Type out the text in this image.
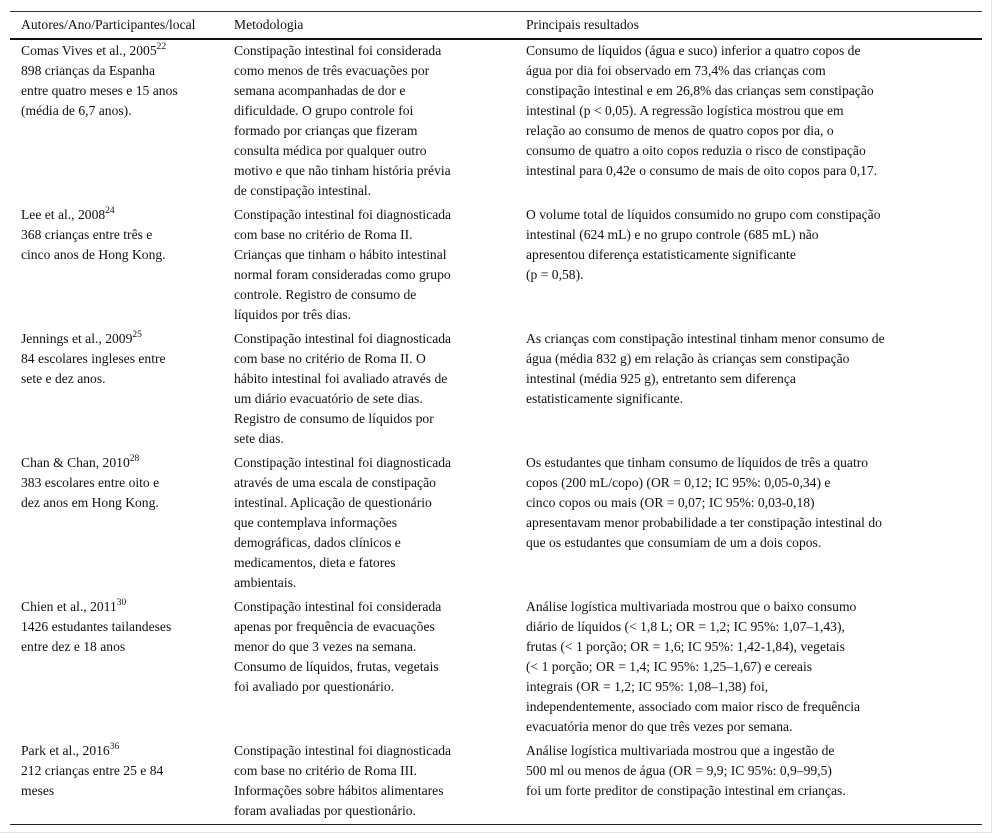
Autores/Ano/Participantes/local	Metodologia	Principais resultados
Comas Vives et al., 2005$^{22}$
898 crianças da Espanha
entre quatro meses e 15 anos
(média de 6,7 anos).
Constipação intestinal foi considerada
como menos de três evacuações por
semana acompanhadas de dor e
dificuldade. O grupo controle foi
formado por crianças que fizeram
consulta médica por qualquer outro
motivo e que não tinham história prévia
de constipação intestinal.
Consumo de líquidos (água e suco) inferior a quatro copos de
água por dia foi observado em 73,4% das crianças com
constipação intestinal e em 26,8% das crianças sem constipação
intestinal (p < 0,05). A regressão logística mostrou que em
relação ao consumo de menos de quatro copos por dia, o
consumo de quatro a oito copos reduzia o risco de constipação
intestinal para 0,42e o consumo de mais de oito copos para 0,17.
Lee et al., 2008$^{24}$
368 crianças entre três e
cinco anos de Hong Kong.
Constipação intestinal foi diagnosticada
com base no critério de Roma II.
Crianças que tinham o hábito intestinal
normal foram consideradas como grupo
controle. Registro de consumo de
líquidos por três dias.
O volume total de líquidos consumido no grupo com constipação
intestinal (624 mL) e no grupo controle (685 mL) não
apresentou diferença estatisticamente significante
(p = 0,58).
Jennings et al., 2009$^{25}$
84 escolares ingleses entre
sete e dez anos.
Constipação intestinal foi diagnosticada
com base no critério de Roma II. O
hábito intestinal foi avaliado através de
um diário evacuatório de sete dias.
Registro de consumo de líquidos por
sete dias.
As crianças com constipação intestinal tinham menor consumo de
água (média 832 g) em relação às crianças sem constipação
intestinal (média 925 g), entretanto sem diferença
estatisticamente significante.
Chan & Chan, 2010$^{28}$
383 escolares entre oito e
dez anos em Hong Kong.
Constipação intestinal foi diagnosticada
através de uma escala de constipação
intestinal. Aplicação de questionário
que contemplava informações
demográficas, dados clínicos e
medicamentos, dieta e fatores
ambientais.
Os estudantes que tinham consumo de líquidos de três a quatro
copos (200 mL/copo) (OR = 0,12; IC 95%: 0,05-0,34) e
cinco copos ou mais (OR = 0,07; IC 95%: 0,03-0,18)
apresentavam menor probabilidade a ter constipação intestinal do
que os estudantes que consumiam de um a dois copos.
Chien et al., 2011$^{30}$
1426 estudantes tailandeses
entre dez e 18 anos
Constipação intestinal foi considerada
apenas por frequência de evacuações
menor do que 3 vezes na semana.
Consumo de líquidos, frutas, vegetais
foi avaliado por questionário.
Análise logística multivariada mostrou que o baixo consumo
diário de líquidos (< 1,8 L; OR = 1,2; IC 95%: 1,07–1,43),
frutas (< 1 porção; OR = 1,6; IC 95%: 1,42-1,84), vegetais
(< 1 porção; OR = 1,4; IC 95%: 1,25–1,67) e cereais
integrais (OR = 1,2; IC 95%: 1,08–1,38) foi,
independentemente, associado com maior risco de frequência
evacuatória menor do que três vezes por semana.
Park et al., 2016$^{36}$
212 crianças entre 25 e 84
meses
Constipação intestinal foi diagnosticada
com base no critério de Roma III.
Informações sobre hábitos alimentares
foram avaliadas por questionário.
Análise logística multivariada mostrou que a ingestão de
500 ml ou menos de água (OR = 9,9; IC 95%: 0,9–99,5)
foi um forte preditor de constipação intestinal em crianças.
